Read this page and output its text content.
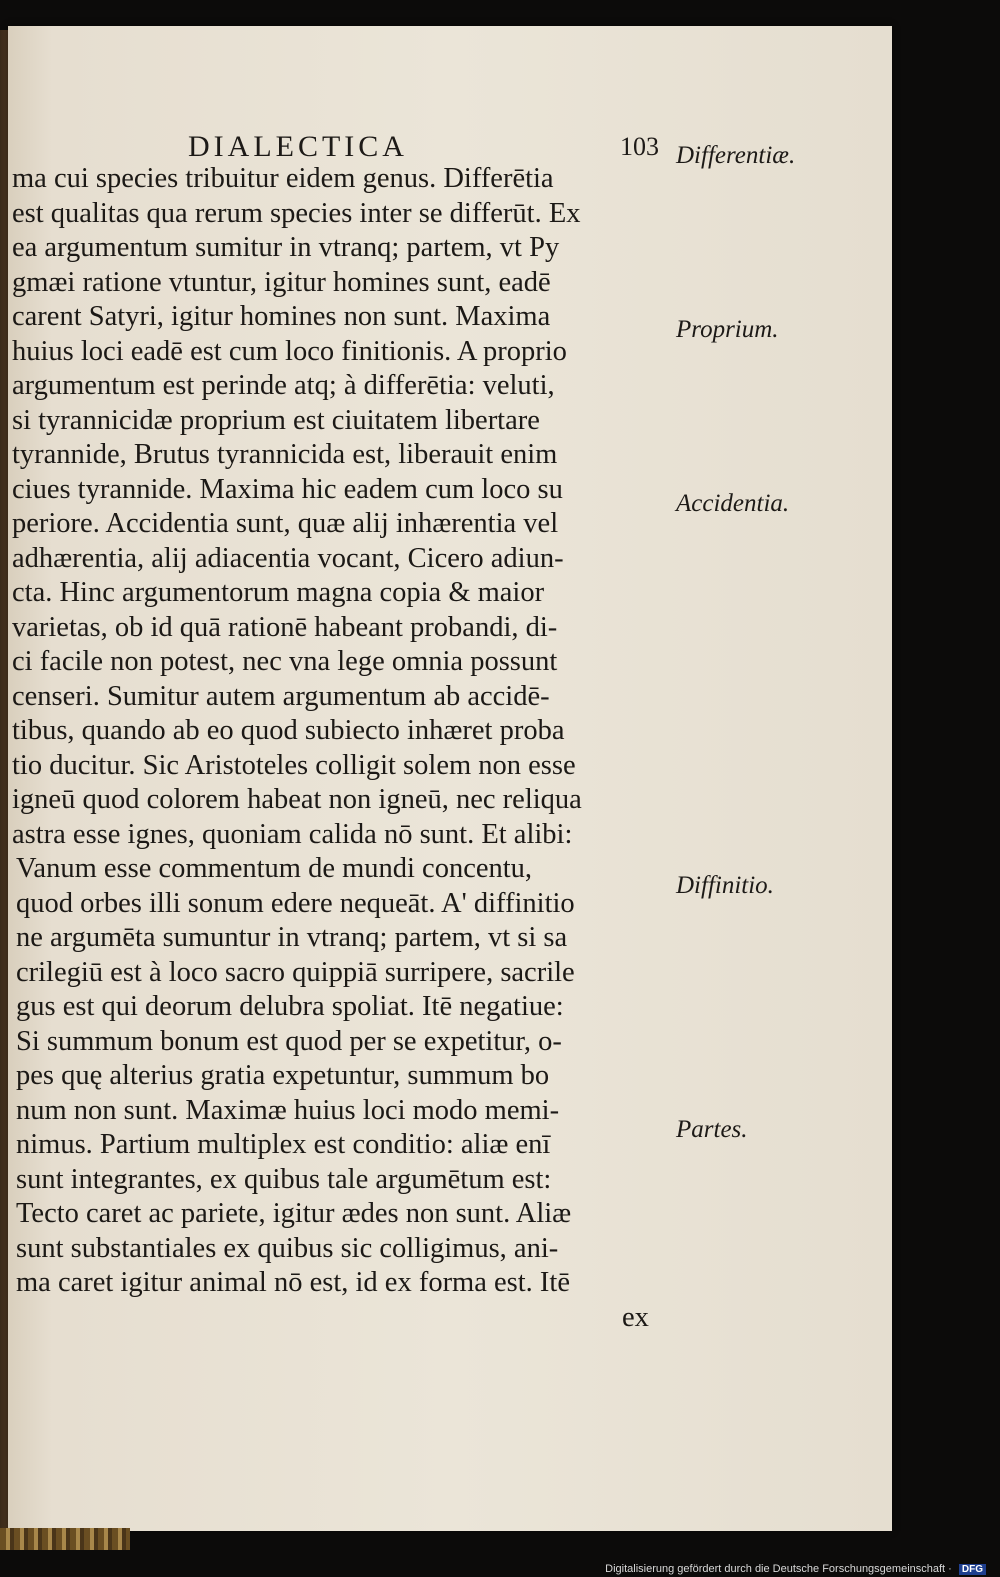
DIALECTICA	103
ma cui species tribuitur eidem genus. Differētia
est qualitas qua rerum species inter se differūt. Ex
ea argumentum sumitur in vtranq; partem, vt Py
gmæi ratione vtuntur, igitur homines sunt, eadē
carent Satyri, igitur homines non sunt. Maxima
huius loci eadē est cum loco finitionis. A proprio
argumentum est perinde atq; à differētia: veluti,
si tyrannicidæ proprium est ciuitatem libertare
tyrannide, Brutus tyrannicida est, liberauit enim
ciues tyrannide. Maxima hic eadem cum loco su
periore. Accidentia sunt, quæ alij inhærentia vel
adhærentia, alij adiacentia vocant, Cicero adiun-
cta. Hinc argumentorum magna copia & maior
varietas, ob id quā rationē habeant probandi, di-
ci facile non potest, nec vna lege omnia possunt
censeri. Sumitur autem argumentum ab accidē-
tibus, quando ab eo quod subiecto inhæret proba
tio ducitur. Sic Aristoteles colligit solem non esse
igneū quod colorem habeat non igneū, nec reliqua
astra esse ignes, quoniam calida nō sunt. Et alibi:
Vanum esse commentum de mundi concentu,
quod orbes illi sonum edere nequeāt. A' diffinitio
ne argumēta sumuntur in vtranq; partem, vt si sa
crilegiū est à loco sacro quippiā surripere, sacrile
gus est qui deorum delubra spoliat. Itē negatiue:
Si summum bonum est quod per se expetitur, o-
pes quę alterius gratia expetuntur, summum bo
num non sunt. Maximæ huius loci modo memi-
nimus. Partium multiplex est conditio: aliæ enī
sunt integrantes, ex quibus tale argumētum est:
Tecto caret ac pariete, igitur ædes non sunt. Aliæ
sunt substantiales ex quibus sic colligimus, ani-
ma caret igitur animal nō est, id ex forma est. Itē
ex
Differentiæ.
Proprium.
Accidentia.
Diffinitio.
Partes.
Digitalisierung gefördert durch die Deutsche Forschungsgemeinschaft · DFG
